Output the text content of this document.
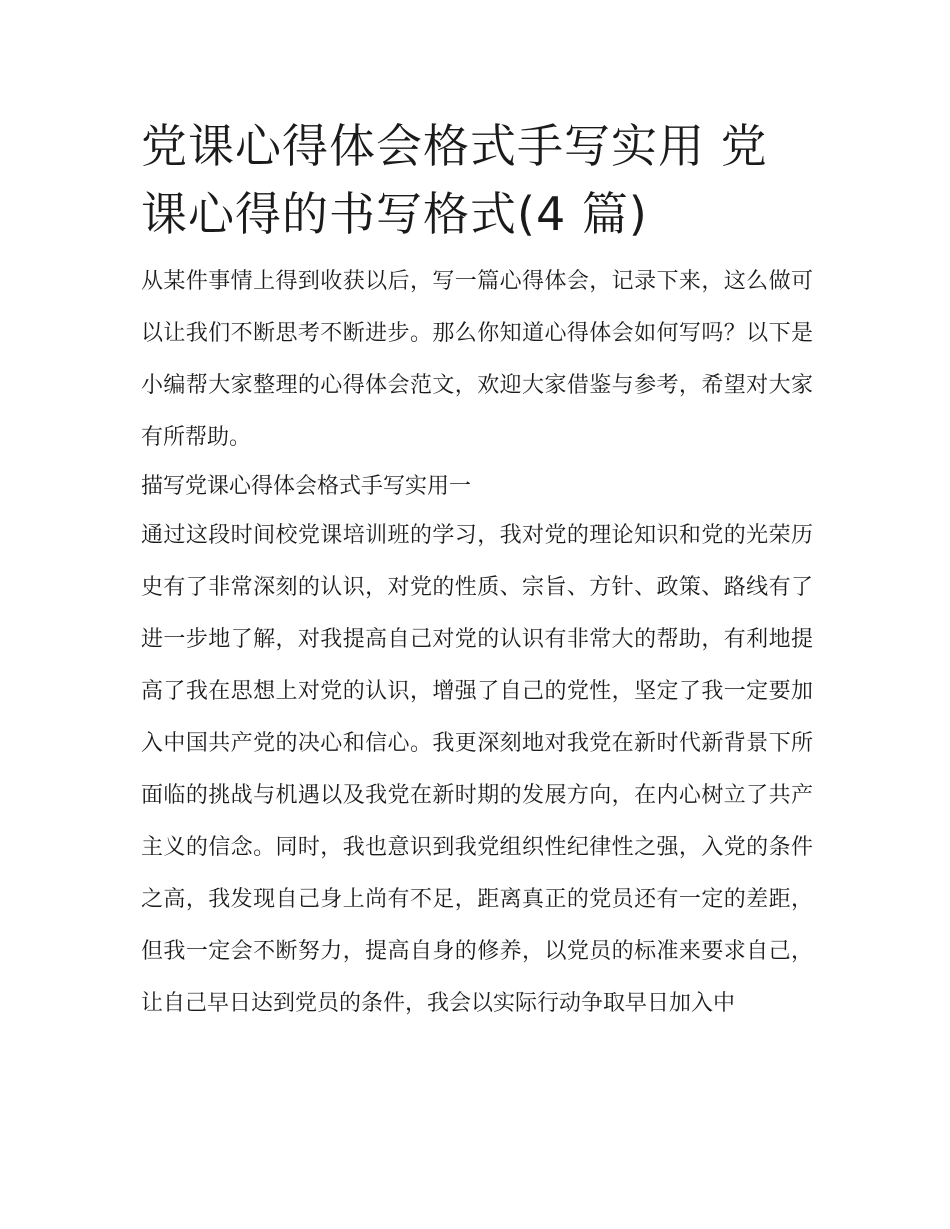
党课心得体会格式手写实用 党课心得的书写格式(4 篇)

从某件事情上得到收获以后，写一篇心得体会，记录下来，这么做可以让我们不断思考不断进步。那么你知道心得体会如何写吗？以下是小编帮大家整理的心得体会范文，欢迎大家借鉴与参考，希望对大家有所帮助。

描写党课心得体会格式手写实用一

通过这段时间校党课培训班的学习，我对党的理论知识和党的光荣历史有了非常深刻的认识，对党的性质、宗旨、方针、政策、路线有了进一步地了解，对我提高自己对党的认识有非常大的帮助，有利地提高了我在思想上对党的认识，增强了自己的党性，坚定了我一定要加入中国共产党的决心和信心。我更深刻地对我党在新时代新背景下所面临的挑战与机遇以及我党在新时期的发展方向，在内心树立了共产主义的信念。同时，我也意识到我党组织性纪律性之强，入党的条件之高，我发现自己身上尚有不足，距离真正的党员还有一定的差距，但我一定会不断努力，提高自身的修养，以党员的标准来要求自己，让自己早日达到党员的条件，我会以实际行动争取早日加入中
